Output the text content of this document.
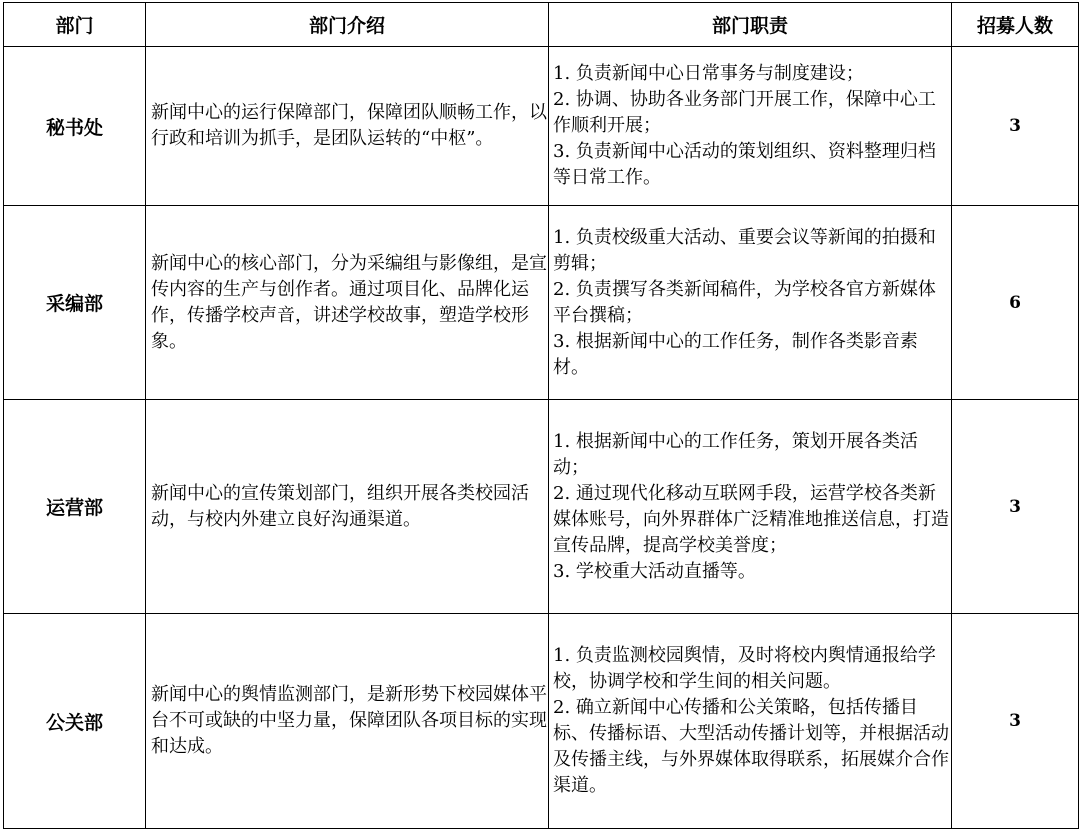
部门	部门介绍	部门职责	招募人数
秘书处	新闻中心的运行保障部门，保障团队顺畅工作，以行政和培训为抓手，是团队运转的“中枢”。	1. 负责新闻中心日常事务与制度建设；
2. 协调、协助各业务部门开展工作，保障中心工作顺利开展；
3. 负责新闻中心活动的策划组织、资料整理归档等日常工作。	3
采编部	新闻中心的核心部门，分为采编组与影像组，是宣传内容的生产与创作者。通过项目化、品牌化运作，传播学校声音，讲述学校故事，塑造学校形象。	1. 负责校级重大活动、重要会议等新闻的拍摄和剪辑；
2. 负责撰写各类新闻稿件，为学校各官方新媒体平台撰稿；
3. 根据新闻中心的工作任务，制作各类影音素材。	6
运营部	新闻中心的宣传策划部门，组织开展各类校园活动，与校内外建立良好沟通渠道。	1. 根据新闻中心的工作任务，策划开展各类活动；
2. 通过现代化移动互联网手段，运营学校各类新媒体账号，向外界群体广泛精准地推送信息，打造宣传品牌，提高学校美誉度；
3. 学校重大活动直播等。	3
公关部	新闻中心的舆情监测部门，是新形势下校园媒体平台不可或缺的中坚力量，保障团队各项目标的实现和达成。	1. 负责监测校园舆情，及时将校内舆情通报给学校，协调学校和学生间的相关问题。
2. 确立新闻中心传播和公关策略，包括传播目标、传播标语、大型活动传播计划等，并根据活动及传播主线，与外界媒体取得联系，拓展媒介合作渠道。	3
